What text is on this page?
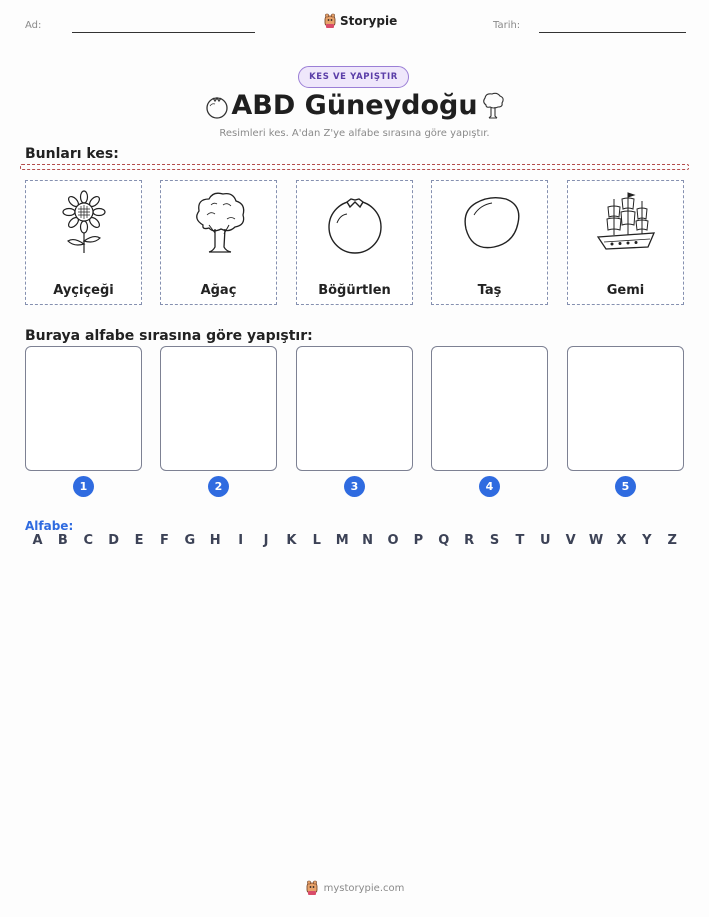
Ad:	Storypie	Tarih:
KES VE YAPIŞTIR
ABD Güneydoğu
Resimleri kes. A'dan Z'ye alfabe sırasına göre yapıştır.
Bunları kes:
Ayçiçeği	Ağaç	Böğürtlen	Taş	Gemi
Buraya alfabe sırasına göre yapıştır:
1	2	3	4	5
Alfabe:
A	B	C	D	E	F	G	H	I	J	K	L	M	N	O	P	Q	R	S	T	U	V	W	X	Y	Z
mystorypie.com
